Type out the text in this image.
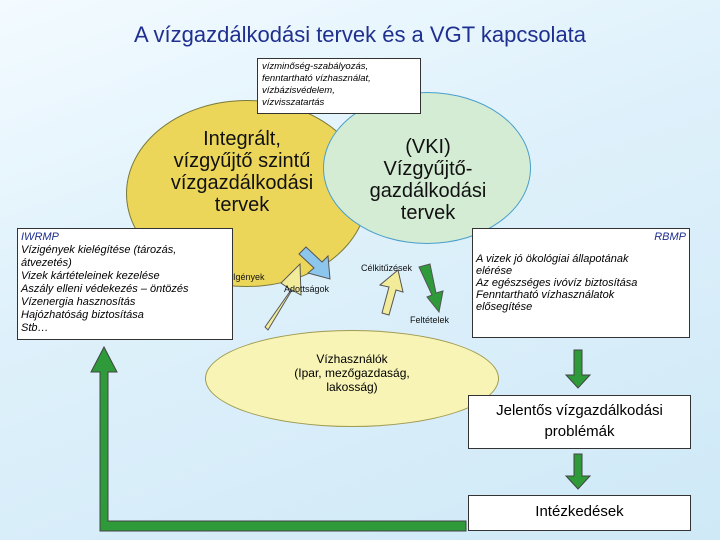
A vízgazdálkodási tervek és a VGT kapcsolata
vízminőség-szabályozás,
fenntartható vízhasználat,
vízbázisvédelem,
vízvisszatartás
Integrált,
vízgyűjtő szintű
vízgazdálkodási
tervek
(VKI)
Vízgyűjtő-
gazdálkodási
tervek
IWRMP
Vízigények kielégítése (tározás,
átvezetés)
Vizek kártételeinek kezelése
Aszály elleni védekezés – öntözés
Vízenergia hasznosítás
Hajózhatóság biztosítása
Stb…
RBMP
A vizek jó ökológiai állapotának
elérése
Az egészséges ivóvíz biztosítása
Fenntartható vízhasználatok
elősegítése
Igények
Adottságok
Célkitűzések
Feltételek
Vízhasználók
(Ipar, mezőgazdaság,
lakosság)
Jelentős vízgazdálkodási
problémák
Intézkedések
